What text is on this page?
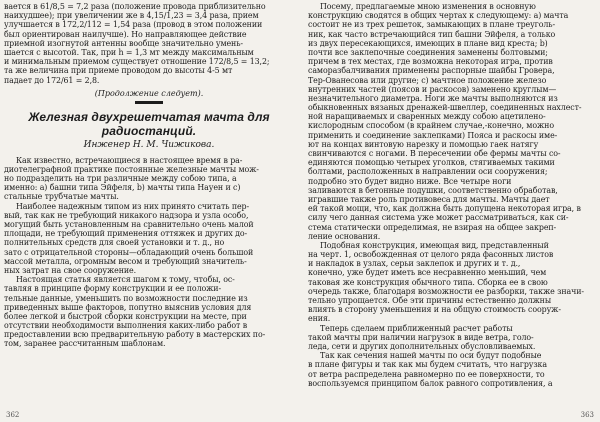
вается в 61/8,5 = 7,2 раза (положение провода приблизительно
наихудшее); при увеличении же в 4,15/1,23 = 3,4 раза, прием
улучшается в 172,2/112 = 1,54 раза (провод в этом положении
был ориентирован наилучше). Но направляющее действие
приемной изогнутой антенны вообще значительно умень-
шается с высотой. Так, при h = 1,3 мт между максимальным
и минимальным приемом существует отношение 172/8,5 = 13,2;
та же величина при приеме проводом до высоты 4-5 мт
падает до 172/61 = 2,8.
(Продолжение следует).
Железная двухрешетчатая мачта для радиостанций.
Инженер Н. М. Чижикова.
Как известно, встречающиеся в настоящее время в ра-
диотелеграфной практике постоянные железные мачты мож-
но подразделить на три различные между собою типа, а
именно: a) башни типа Эйфеля, b) мачты типа Науен и c)
стальные трубчатые мачты.
Наиболее надежным типом из них принято считать пер-
вый, так как не требующий никакого надзора и узла особо,
могущий быть установленным на сравнительно очень малой
площади, не требующий применения оттяжек и других до-
полнительных средств для своей установки и т. д., но
зато с отрицательной стороны—обладающий очень большой
массой металла, огромным весом и требующий значитель-
ных затрат на свое сооружение.
Настоящая статья является шагом к тому, чтобы, ос-
тавляя в принципе форму конструкции и ее положи-
тельные данные, уменьшить по возможности последние из
приведенных выше факторов, попутно выяснив условия для
более легкой и быстрой сборки конструкции на месте, при
отсутствии необходимости выполнения каких-либо работ в
предоставлении всю предварительную работу в мастерских по-
том, заранее рассчитанным шаблонам.
Посему, предлагаемые мною изменения в основную
конструкцию сводятся в общих чертах к следующему: a) мачта
состоит не из трех решеток, замыкающих в плане треуголь-
ник, как часто встречающийся тип башни Эйфеля, а только
из двух пересекающихся, имеющих в плане вид креста; b)
почти все заклепочные соединения заменены болтовыми;
причем в тех местах, где возможна некоторая игра, против
саморазбалчивания применены распорные шайбы Гровера,
Тер-Ованесова или другие; c) мачтное положение железо
внутренних частей (поясов и раскосов) заменено круглым—
незначительного диаметра. Ноги же мачты выполняются из
обыкновенных вязаных дренажей-швеллер, соединенных нахлест-
ной наращиваемых и сваренных между собою ацетилено-
кислородным способом (в крайнем случае,-конечно, можно
применить и соединение заклепками) Пояса и раскосы име-
ют на концах винтовую нарезку и помощью гаек натягу
свинчиваются с ногами. В пересечении обе фермы мачты со-
единяются помощью четырех уголков, стягиваемых такими
болтами, расположенных в направлении оси сооружения;
подробно это будет видно ниже. Все четыре ноги
заливаются в бетонные подушки, соответственно обработав,
игравшие также роль противовеса для мачты. Мачты дает
ей такой мощи, что, как должна быть допущена некоторая игра, в
силу чего данная система уже может рассматриваться, как си-
стема статически определимая, не взирая на общее закреп-
ление основания.
Подобная конструкция, имеющая вид, представленный
на черт. 1, освобожденная от целого ряда фасонных листов
и накладок в узлах, серьи заклепок и других и т. д.,
конечно, уже будет иметь все несравненно меньший, чем
таковая же конструкция обычного типа. Сборка ее в свою
очередь также, благодаря возможности ее разборки, также значи-
тельно упрощается. Обе эти причины естественно должны
влиять в сторону уменьшения и на общую стоимость сооруж-
ения.
Теперь сделаем приближенный расчет работы
такой мачты при наличии нагрузок в виде ветра, голо-
леда, сети и других дополнительных обусловливаемых.
Так как сечения нашей мачты по оси будут подобные
в плане фигуры и так как мы будем считать, что нагрузка
от ветра распределена равномерно по ее поверхности, то
воспользуемся принципом балок равного сопротивления, а
362	363
